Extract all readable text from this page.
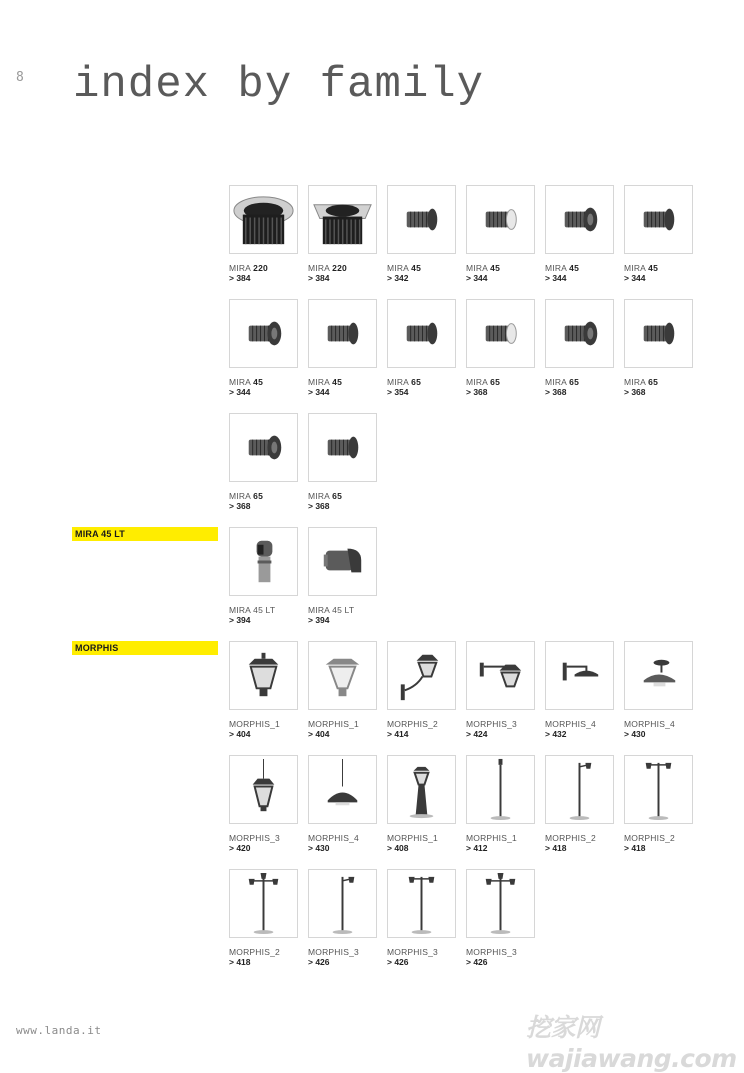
8 index by family
MIRA 220
> 384
MIRA 220
> 384
MIRA 45
> 342
MIRA 45
> 344
MIRA 45
> 344
MIRA 45
> 344
MIRA 45
> 344
MIRA 45
> 344
MIRA 65
> 354
MIRA 65
> 368
MIRA 65
> 368
MIRA 65
> 368
MIRA 65
> 368
MIRA 65
> 368
MIRA 45 LT
MIRA 45 LT
> 394
MIRA 45 LT
> 394
MORPHIS
MORPHIS_1
> 404
MORPHIS_1
> 404
MORPHIS_2
> 414
MORPHIS_3
> 424
MORPHIS_4
> 432
MORPHIS_4
> 430
MORPHIS_3
> 420
MORPHIS_4
> 430
MORPHIS_1
> 408
MORPHIS_1
> 412
MORPHIS_2
> 418
MORPHIS_2
> 418
MORPHIS_2
> 418
MORPHIS_3
> 426
MORPHIS_3
> 426
MORPHIS_3
> 426
www.landa.it	挖家网 wajiawang.com
